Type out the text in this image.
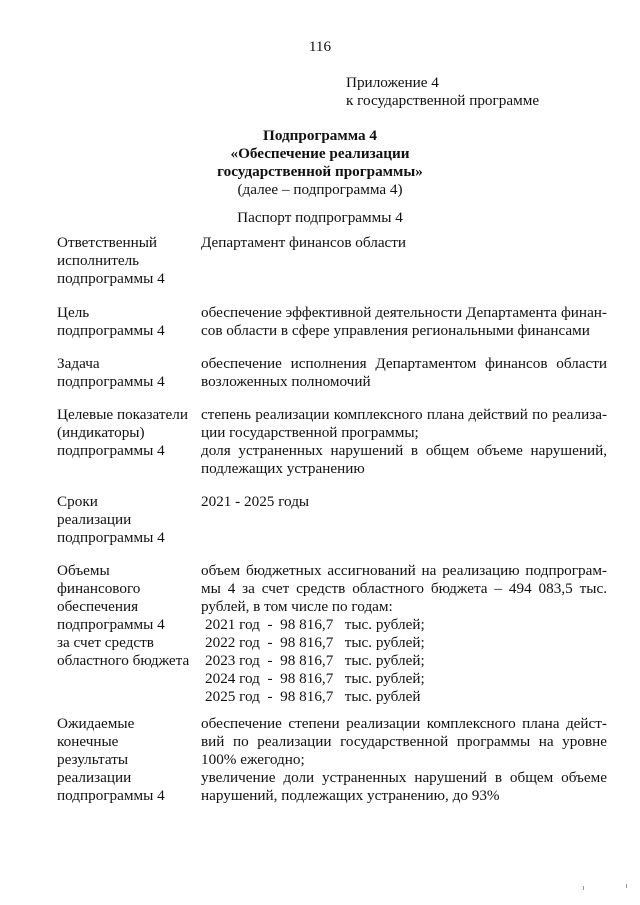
116
Приложение 4
к государственной программе
Подпрограмма 4
«Обеспечение реализации
государственной программы»
(далее – подпрограмма 4)
Паспорт подпрограммы 4
Ответственный
исполнитель
подпрограммы 4
Департамент финансов области
Цель
подпрограммы 4
обеспечение эффективной деятельности Департамента финан-
сов области в сфере управления региональными финансами
Задача
подпрограммы 4
обеспечение исполнения Департаментом финансов области
возложенных полномочий
Целевые показатели
(индикаторы)
подпрограммы 4
степень реализации комплексного плана действий по реализа-
ции государственной программы;
доля устраненных нарушений в общем объеме нарушений,
подлежащих устранению
Сроки
реализации
подпрограммы 4
2021 - 2025 годы
Объемы
финансового
обеспечения
подпрограммы 4
за счет средств
областного бюджета
объем бюджетных ассигнований на реализацию подпрограм-
мы 4 за счет средств областного бюджета – 494 083,5 тыс.
рублей, в том числе по годам:
2021 год  -  98 816,7   тыс. рублей;
2022 год  -  98 816,7   тыс. рублей;
2023 год  -  98 816,7   тыс. рублей;
2024 год  -  98 816,7   тыс. рублей;
2025 год  -  98 816,7   тыс. рублей
Ожидаемые
конечные
результаты
реализации
подпрограммы 4
обеспечение степени реализации комплексного плана дейст-
вий по реализации государственной программы на уровне
100% ежегодно;
увеличение доли устраненных нарушений в общем объеме
нарушений, подлежащих устранению, до 93%
